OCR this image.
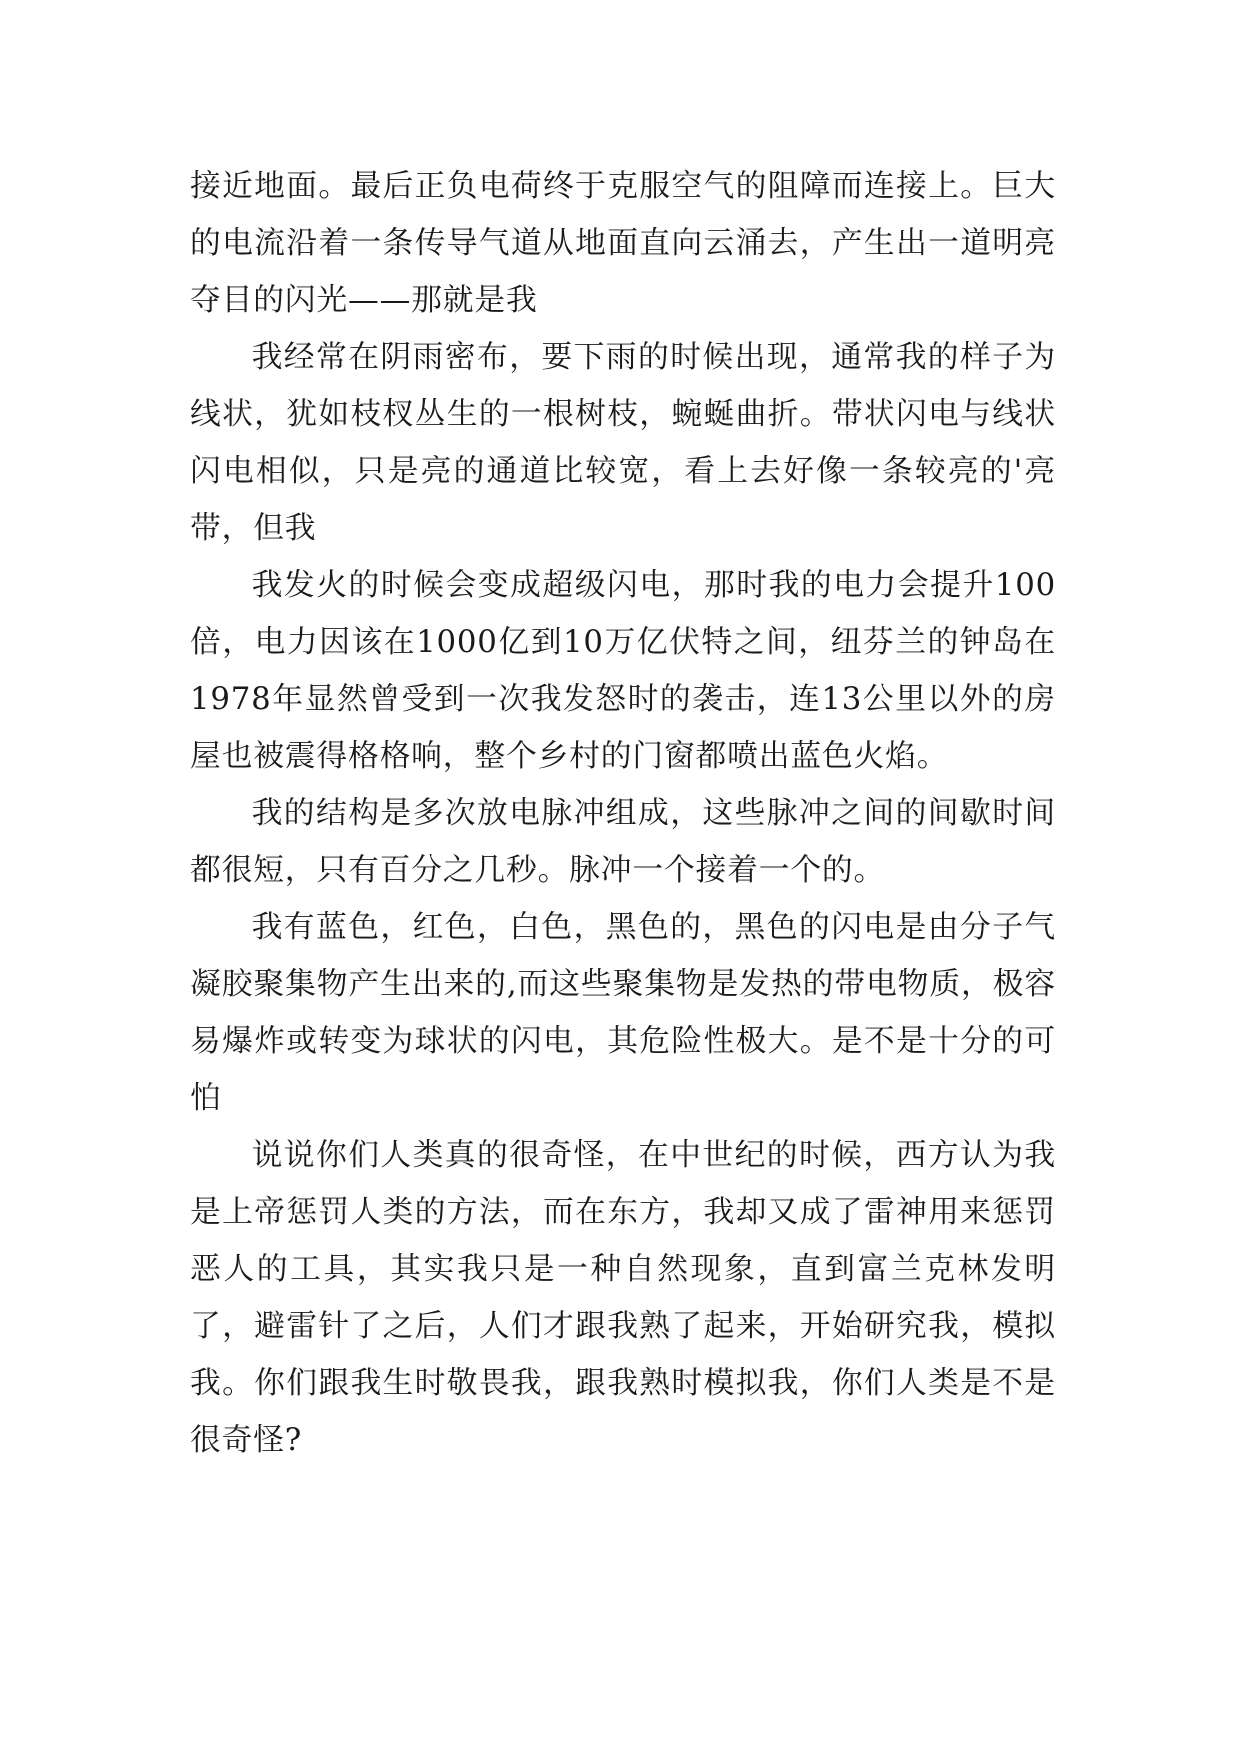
接近地面。最后正负电荷终于克服空气的阻障而连接上。巨大的电流沿着一条传导气道从地面直向云涌去，产生出一道明亮夺目的闪光——那就是我

我经常在阴雨密布，要下雨的时候出现，通常我的样子为线状，犹如枝杈丛生的一根树枝，蜿蜒曲折。带状闪电与线状闪电相似，只是亮的通道比较宽，看上去好像一条较亮的'亮带，但我

我发火的时候会变成超级闪电，那时我的电力会提升100倍，电力因该在1000亿到10万亿伏特之间，纽芬兰的钟岛在1978年显然曾受到一次我发怒时的袭击，连13公里以外的房屋也被震得格格响，整个乡村的门窗都喷出蓝色火焰。

我的结构是多次放电脉冲组成，这些脉冲之间的间歇时间都很短，只有百分之几秒。脉冲一个接着一个的。

我有蓝色，红色，白色，黑色的，黑色的闪电是由分子气凝胶聚集物产生出来的,而这些聚集物是发热的带电物质，极容易爆炸或转变为球状的闪电，其危险性极大。是不是十分的可怕

说说你们人类真的很奇怪，在中世纪的时候，西方认为我是上帝惩罚人类的方法，而在东方，我却又成了雷神用来惩罚恶人的工具，其实我只是一种自然现象，直到富兰克林发明了，避雷针了之后，人们才跟我熟了起来，开始研究我，模拟我。你们跟我生时敬畏我，跟我熟时模拟我，你们人类是不是很奇怪?
